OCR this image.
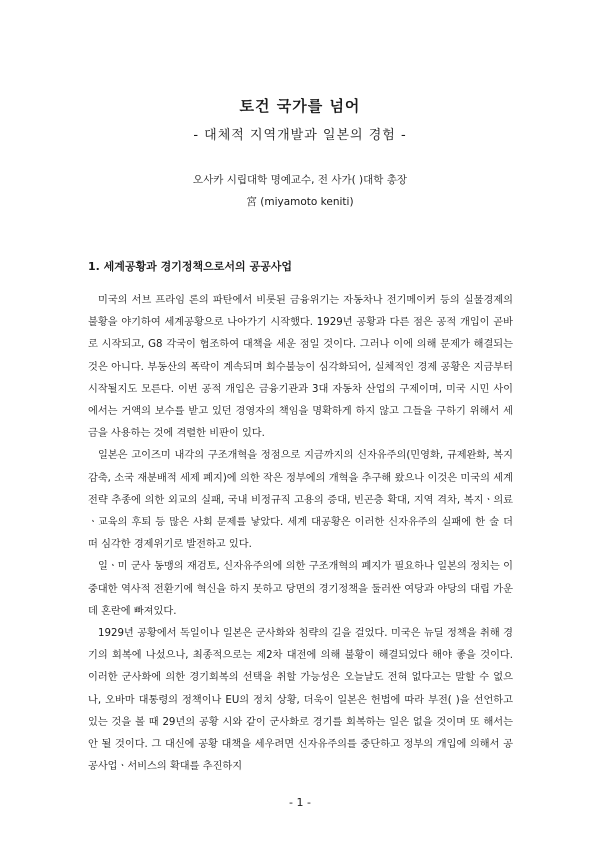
토건 국가를 넘어
- 대체적 지역개발과 일본의 경험 -
오사카 시립대학 명예교수, 전 사가( )대학 총장
宮 (miyamoto keniti)
1. 세계공황과 경기정책으로서의 공공사업

미국의 서브 프라임 론의 파탄에서 비롯된 금융위기는 자동차나 전기메이커 등의 실물경제의 불황을 야기하여 세계공황으로 나아가기 시작했다. 1929년 공황과 다른 점은 공적 개입이 곧바로 시작되고, G8 각국이 협조하여 대책을 세운 점일 것이다. 그러나 이에 의해 문제가 해결되는 것은 아니다. 부동산의 폭락이 계속되며 회수불능이 심각화되어, 실체적인 경제 공황은 지금부터 시작될지도 모른다. 이번 공적 개입은 금융기관과 3대 자동차 산업의 구제이며, 미국 시민 사이에서는 거액의 보수를 받고 있던 경영자의 책임을 명확하게 하지 않고 그들을 구하기 위해서 세금을 사용하는 것에 격렬한 비판이 있다.

일본은 고이즈미 내각의 구조개혁을 정점으로 지금까지의 신자유주의(민영화, 규제완화, 복지감축, 소국 재분배적 세제 폐지)에 의한 작은 정부에의 개혁을 추구해 왔으나 이것은 미국의 세계 전략 추종에 의한 외교의 실패, 국내 비정규직 고용의 증대, 빈곤층 확대, 지역 격차, 복지ㆍ의료ㆍ교육의 후퇴 등 많은 사회 문제를 낳았다. 세계 대공황은 이러한 신자유주의 실패에 한 술 더 떠 심각한 경제위기로 발전하고 있다.

일ㆍ미 군사 동맹의 재검토, 신자유주의에 의한 구조개혁의 폐지가 필요하나 일본의 정치는 이 중대한 역사적 전환기에 혁신을 하지 못하고 당면의 경기정책을 둘러싼 여당과 야당의 대립 가운데 혼란에 빠져있다.

1929년 공황에서 독일이나 일본은 군사화와 침략의 길을 걸었다. 미국은 뉴딜 정책을 취해 경기의 회복에 나섰으나, 최종적으로는 제2차 대전에 의해 불황이 해결되었다 해야 좋을 것이다. 이러한 군사화에 의한 경기회복의 선택을 취할 가능성은 오늘날도 전혀 없다고는 말할 수 없으나, 오바마 대통령의 정책이나 EU의 정치 상황, 더욱이 일본은 헌법에 따라 부전( )을 선언하고 있는 것을 볼 때 29년의 공황 시와 같이 군사화로 경기를 회복하는 일은 없을 것이며 또 해서는 안 될 것이다. 그 대신에 공황 대책을 세우려면 신자유주의를 중단하고 정부의 개입에 의해서 공공사업ㆍ서비스의 확대를 추진하지

- 1 -
